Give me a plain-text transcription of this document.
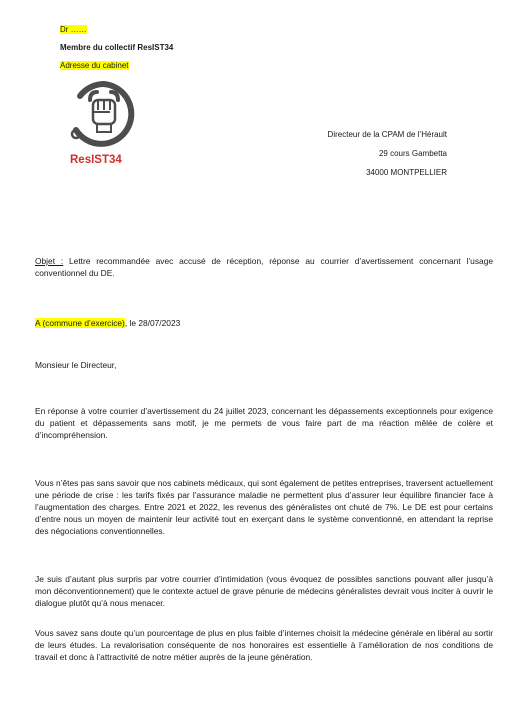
Dr ……
Membre du collectif ResIST34
Adresse du cabinet
ResIST34
Directeur de la CPAM de l’Hérault
29 cours Gambetta
34000 MONTPELLIER
Objet : Lettre recommandée avec accusé de réception, réponse au courrier d’avertissement concernant l’usage conventionnel du DE.
A (commune d’exercice), le 28/07/2023
Monsieur le Directeur,
En réponse à votre courrier d’avertissement du 24 juillet 2023, concernant les dépassements exceptionnels pour exigence du patient et dépassements sans motif, je me permets de vous faire part de ma réaction mêlée de colère et d’incompréhension.
Vous n’êtes pas sans savoir que nos cabinets médicaux, qui sont également de petites entreprises, traversent actuellement une période de crise : les tarifs fixés par l’assurance maladie ne permettent plus d’assurer leur équilibre financier face à l’augmentation des charges. Entre 2021 et 2022, les revenus des généralistes ont chuté de 7%. Le DE est pour certains d’entre nous un moyen de maintenir leur activité tout en exerçant dans le système conventionné, en attendant la reprise des négociations conventionnelles.
Je suis d’autant plus surpris par votre courrier d’intimidation (vous évoquez de possibles sanctions pouvant aller jusqu’à mon déconventionnement) que le contexte actuel de grave pénurie de médecins généralistes devrait vous inciter à ouvrir le dialogue plutôt qu’à nous menacer.
Vous savez sans doute qu’un pourcentage de plus en plus faible d’internes choisit la médecine générale en libéral au sortir de leurs études. La revalorisation conséquente de nos honoraires est essentielle à l’amélioration de nos conditions de travail et donc à l’attractivité de notre métier auprès de la jeune génération.
